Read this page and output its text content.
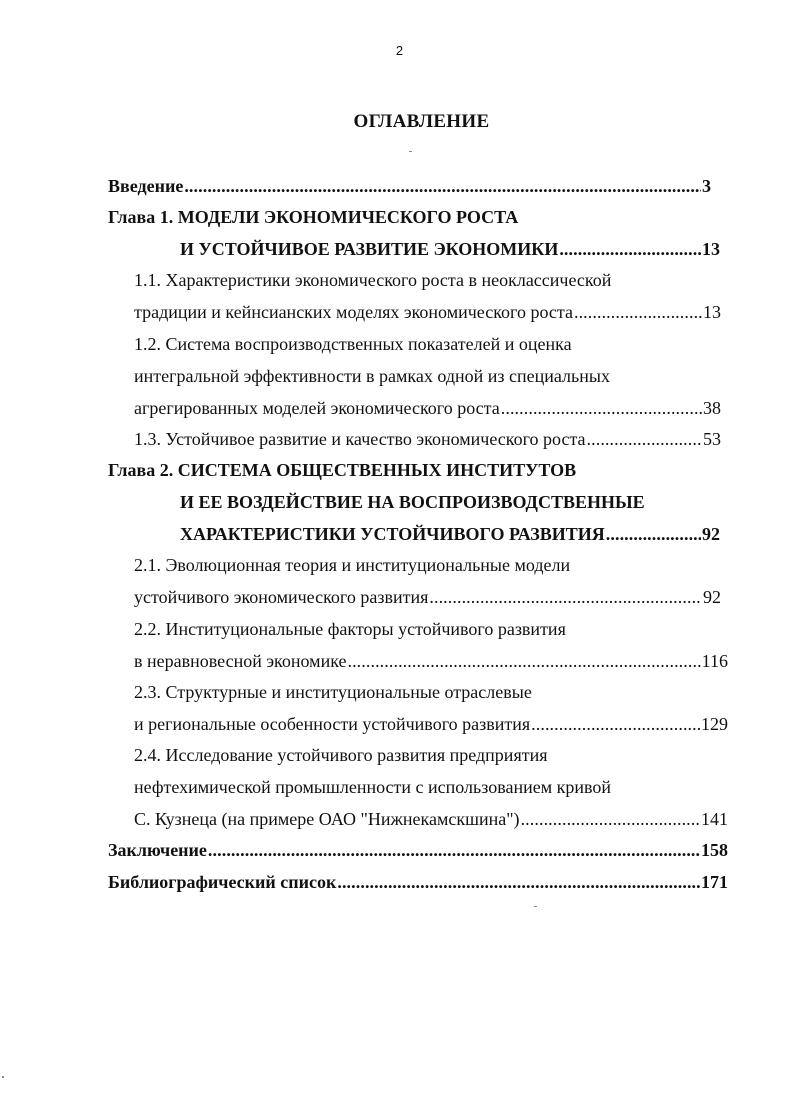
2
ОГЛАВЛЕНИЕ
Введение . . .	3
Глава 1. МОДЕЛИ ЭКОНОМИЧЕСКОГО РОСТА
И УСТОЙЧИВОЕ РАЗВИТИЕ ЭКОНОМИКИ . . .	13
1.1. Характеристики экономического роста в неоклассической
традиции и кейнсианских моделях экономического роста . . .	13
1.2. Система воспроизводственных показателей и оценка
интегральной эффективности в рамках одной из специальных
агрегированных моделей экономического роста . . .	38
1.3. Устойчивое развитие и качество экономического роста . . .	53
Глава 2. СИСТЕМА ОБЩЕСТВЕННЫХ ИНСТИТУТОВ
И ЕЕ ВОЗДЕЙСТВИЕ НА ВОСПРОИЗВОДСТВЕННЫЕ
ХАРАКТЕРИСТИКИ УСТОЙЧИВОГО РАЗВИТИЯ . . .	92
2.1. Эволюционная теория и институциональные модели
устойчивого экономического развития . . .	92
2.2. Институциональные факторы устойчивого развития
в неравновесной экономике . . .	116
2.3. Структурные и институциональные отраслевые
и региональные особенности устойчивого развития . . .	129
2.4. Исследование устойчивого развития предприятия
нефтехимической промышленности с использованием кривой
С. Кузнеца (на примере ОАО "Нижнекамскшина") . . .	141
Заключение . . .	158
Библиографический список . . .	171
